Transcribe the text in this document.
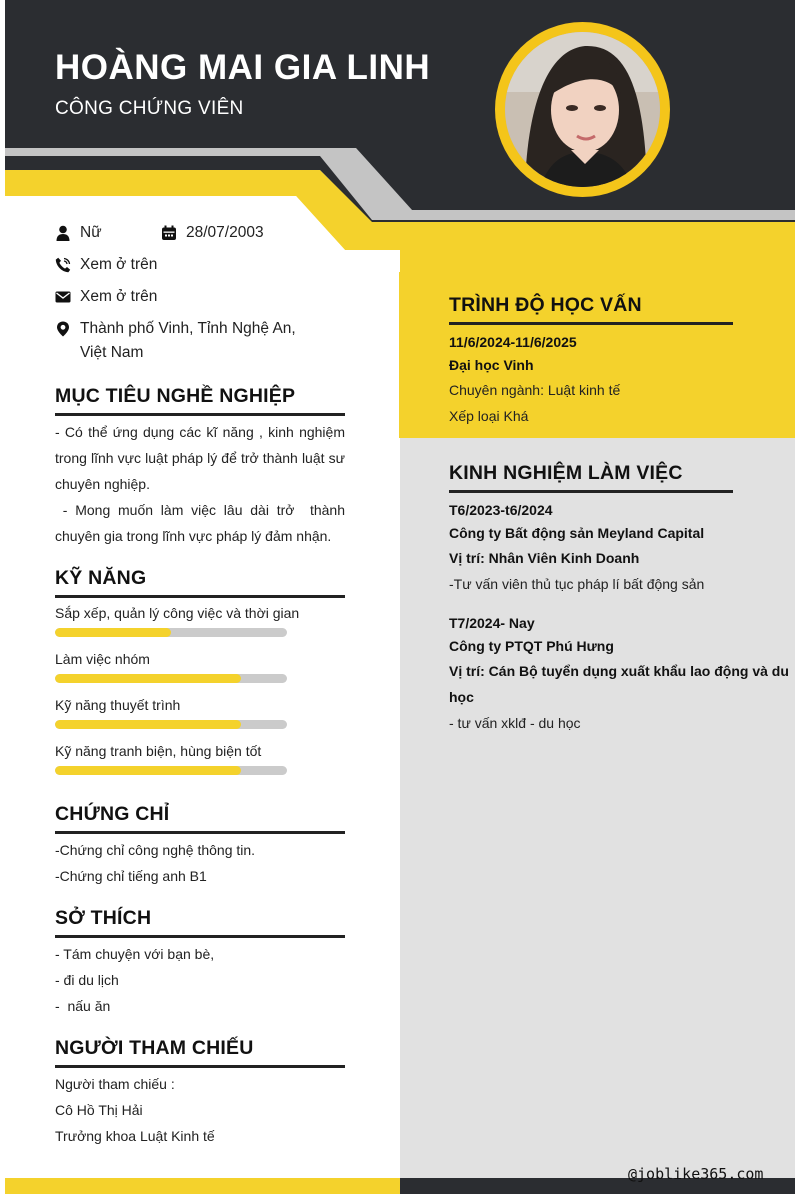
HOÀNG MAI GIA LINH
CÔNG CHỨNG VIÊN
Nữ	28/07/2003
Xem ở trên
Xem ở trên
Thành phố Vinh, Tỉnh Nghệ An,
Việt Nam
MỤC TIÊU NGHỀ NGHIỆP
- Có thể ứng dụng các kĩ năng , kinh nghiệm trong lĩnh vực luật pháp lý để trở thành luật sư chuyên nghiệp.
- Mong muốn làm việc lâu dài trở  thành chuyên gia trong lĩnh vực pháp lý đảm nhận.
KỸ NĂNG
Sắp xếp, quản lý công việc và thời gian
Làm việc nhóm
Kỹ năng thuyết trình
Kỹ năng tranh biện, hùng biện tốt
CHỨNG CHỈ
-Chứng chỉ công nghệ thông tin.
-Chứng chỉ tiếng anh B1
SỞ THÍCH
- Tám chuyện với bạn bè,
- đi du lịch
-  nấu ăn
NGƯỜI THAM CHIẾU
Người tham chiếu :
Cô Hồ Thị Hải
Trưởng khoa Luật Kinh tế
TRÌNH ĐỘ HỌC VẤN
11/6/2024-11/6/2025
Đại học Vinh
Chuyên ngành: Luật kinh tế
Xếp loại Khá
KINH NGHIỆM LÀM VIỆC
T6/2023-t6/2024
Công ty Bất động sản Meyland Capital
Vị trí: Nhân Viên Kinh Doanh
-Tư vấn viên thủ tục pháp lí bất động sản
T7/2024- Nay
Công ty PTQT Phú Hưng
Vị trí: Cán Bộ tuyển dụng xuất khẩu lao động và du
học
- tư vấn xklđ - du học
@joblike365.com
